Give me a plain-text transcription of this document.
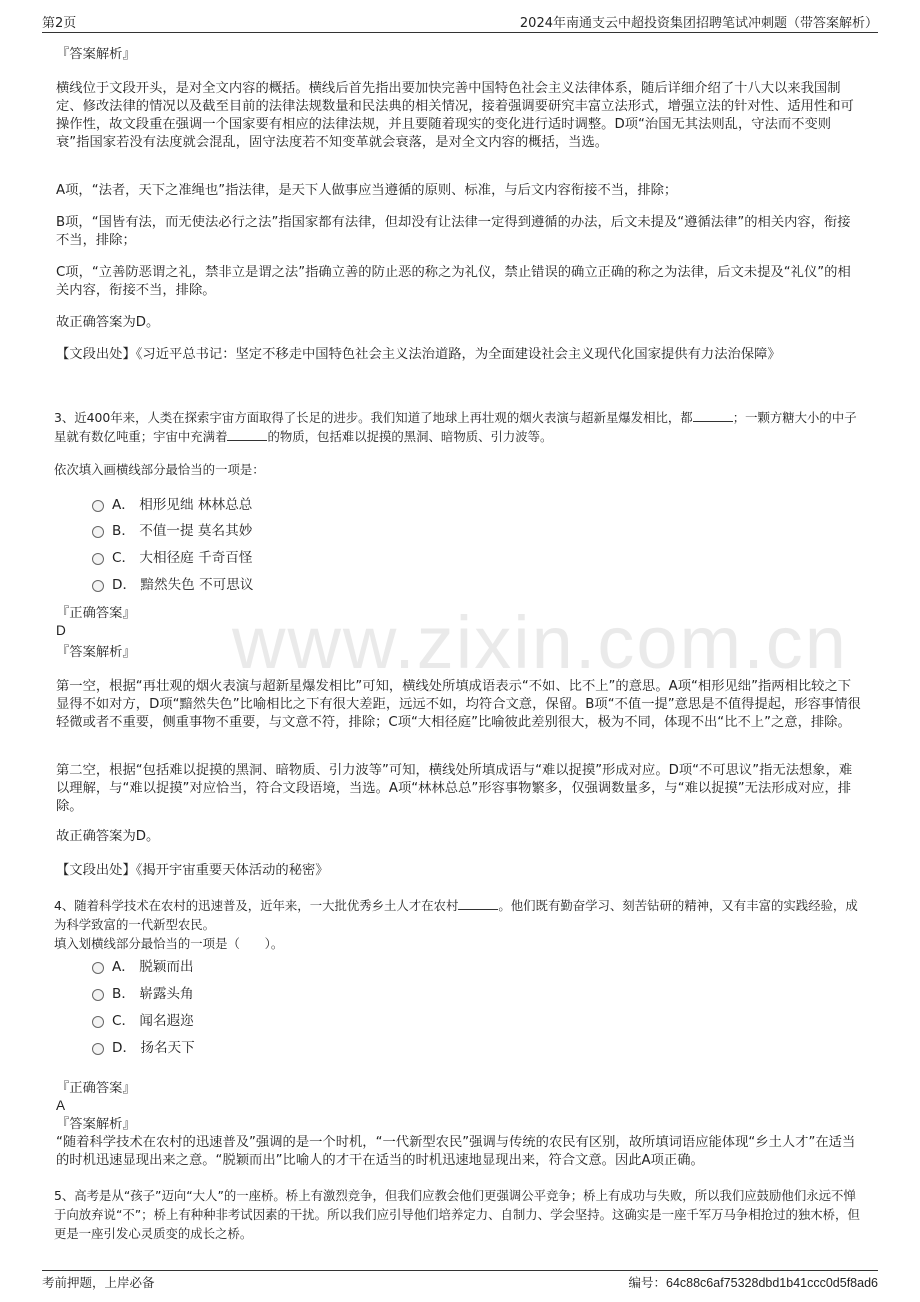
第2页	2024年南通支云中超投资集团招聘笔试冲刺题（带答案解析）
www.zixin.com.cn
『答案解析』

横线位于文段开头，是对全文内容的概括。横线后首先指出要加快完善中国特色社会主义法律体系，随后详细介绍了十八大以来我国制定、修改法律的情况以及截至目前的法律法规数量和民法典的相关情况，接着强调要研究丰富立法形式，增强立法的针对性、适用性和可操作性，故文段重在强调一个国家要有相应的法律法规，并且要随着现实的变化进行适时调整。D项“治国无其法则乱，守法而不变则衰”指国家若没有法度就会混乱，固守法度若不知变革就会衰落，是对全文内容的概括，当选。

A项，“法者，天下之准绳也”指法律，是天下人做事应当遵循的原则、标准，与后文内容衔接不当，排除；

B项，“国皆有法，而无使法必行之法”指国家都有法律，但却没有让法律一定得到遵循的办法，后文未提及“遵循法律”的相关内容，衔接不当，排除；

C项，“立善防恶谓之礼，禁非立是谓之法”指确立善的防止恶的称之为礼仪，禁止错误的确立正确的称之为法律，后文未提及“礼仪”的相关内容，衔接不当，排除。

故正确答案为D。

【文段出处】《习近平总书记：坚定不移走中国特色社会主义法治道路，为全面建设社会主义现代化国家提供有力法治保障》

3、近400年来，人类在探索宇宙方面取得了长足的进步。我们知道了地球上再壮观的烟火表演与超新星爆发相比，都	；一颗方糖大小的中子星就有数亿吨重；宇宙中充满着	的物质，包括难以捉摸的黑洞、暗物质、引力波等。

依次填入画横线部分最恰当的一项是：

A． 相形见绌 林林总总
B． 不值一提 莫名其妙
C． 大相径庭 千奇百怪
D． 黯然失色 不可思议
『正确答案』
D
『答案解析』

第一空，根据“再壮观的烟火表演与超新星爆发相比”可知，横线处所填成语表示“不如、比不上”的意思。A项“相形见绌”指两相比较之下显得不如对方，D项“黯然失色”比喻相比之下有很大差距，远远不如，均符合文意，保留。B项“不值一提”意思是不值得提起，形容事情很轻微或者不重要，侧重事物不重要，与文意不符，排除；C项“大相径庭”比喻彼此差别很大，极为不同，体现不出“比不上”之意，排除。

第二空，根据“包括难以捉摸的黑洞、暗物质、引力波等”可知，横线处所填成语与“难以捉摸”形成对应。D项“不可思议”指无法想象，难以理解，与“难以捉摸”对应恰当，符合文段语境，当选。A项“林林总总”形容事物繁多，仅强调数量多，与“难以捉摸”无法形成对应，排除。

故正确答案为D。

【文段出处】《揭开宇宙重要天体活动的秘密》

4、随着科学技术在农村的迅速普及，近年来，一大批优秀乡土人才在农村	。他们既有勤奋学习、刻苦钻研的精神，又有丰富的实践经验，成为科学致富的一代新型农民。

填入划横线部分最恰当的一项是（　　）。

A． 脱颖而出
B． 崭露头角
C． 闻名遐迩
D． 扬名天下
『正确答案』
A
『答案解析』

“随着科学技术在农村的迅速普及”强调的是一个时机，“一代新型农民”强调与传统的农民有区别，故所填词语应能体现“乡土人才”在适当的时机迅速显现出来之意。“脱颖而出”比喻人的才干在适当的时机迅速地显现出来，符合文意。因此A项正确。

5、高考是从“孩子”迈向“大人”的一座桥。桥上有激烈竞争，但我们应教会他们更强调公平竞争；桥上有成功与失败，所以我们应鼓励他们永远不惮于向放弃说“不”；桥上有种种非考试因素的干扰。所以我们应引导他们培养定力、自制力、学会坚持。这确实是一座千军万马争相抢过的独木桥，但更是一座引发心灵质变的成长之桥。

考前押题，上岸必备	编号：64c88c6af75328dbd1b41ccc0d5f8ad6
